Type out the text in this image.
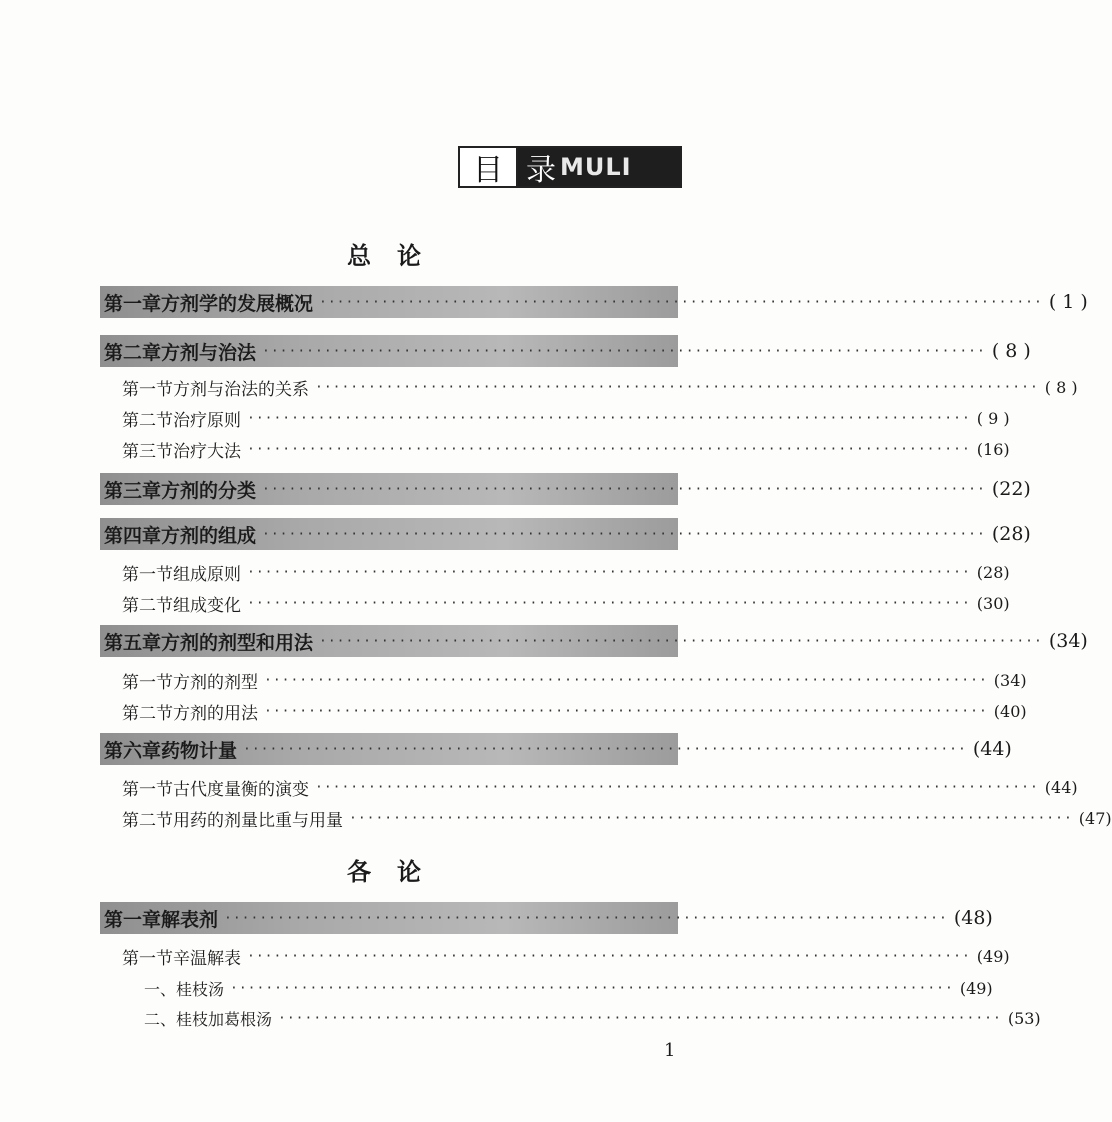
目 录 MULI
总论
各论
第一章 方剂学的发展概况 ·················································································· ( 1 )
第二章 方剂与治法 ·················································································· ( 8 )
第一节 方剂与治法的关系 ·················································································· ( 8 )
第二节 治疗原则 ·················································································· ( 9 )
第三节 治疗大法 ·················································································· (16)
第三章 方剂的分类 ·················································································· (22)
第四章 方剂的组成 ·················································································· (28)
第一节 组成原则 ·················································································· (28)
第二节 组成变化 ·················································································· (30)
第五章 方剂的剂型和用法 ·················································································· (34)
第一节 方剂的剂型 ·················································································· (34)
第二节 方剂的用法 ·················································································· (40)
第六章 药物计量 ·················································································· (44)
第一节 古代度量衡的演变 ·················································································· (44)
第二节 用药的剂量比重与用量 ·················································································· (47)
第一章 解表剂 ·················································································· (48)
第一节 辛温解表 ·················································································· (49)
一、 桂枝汤 ·················································································· (49)
二、 桂枝加葛根汤 ·················································································· (53)
1
